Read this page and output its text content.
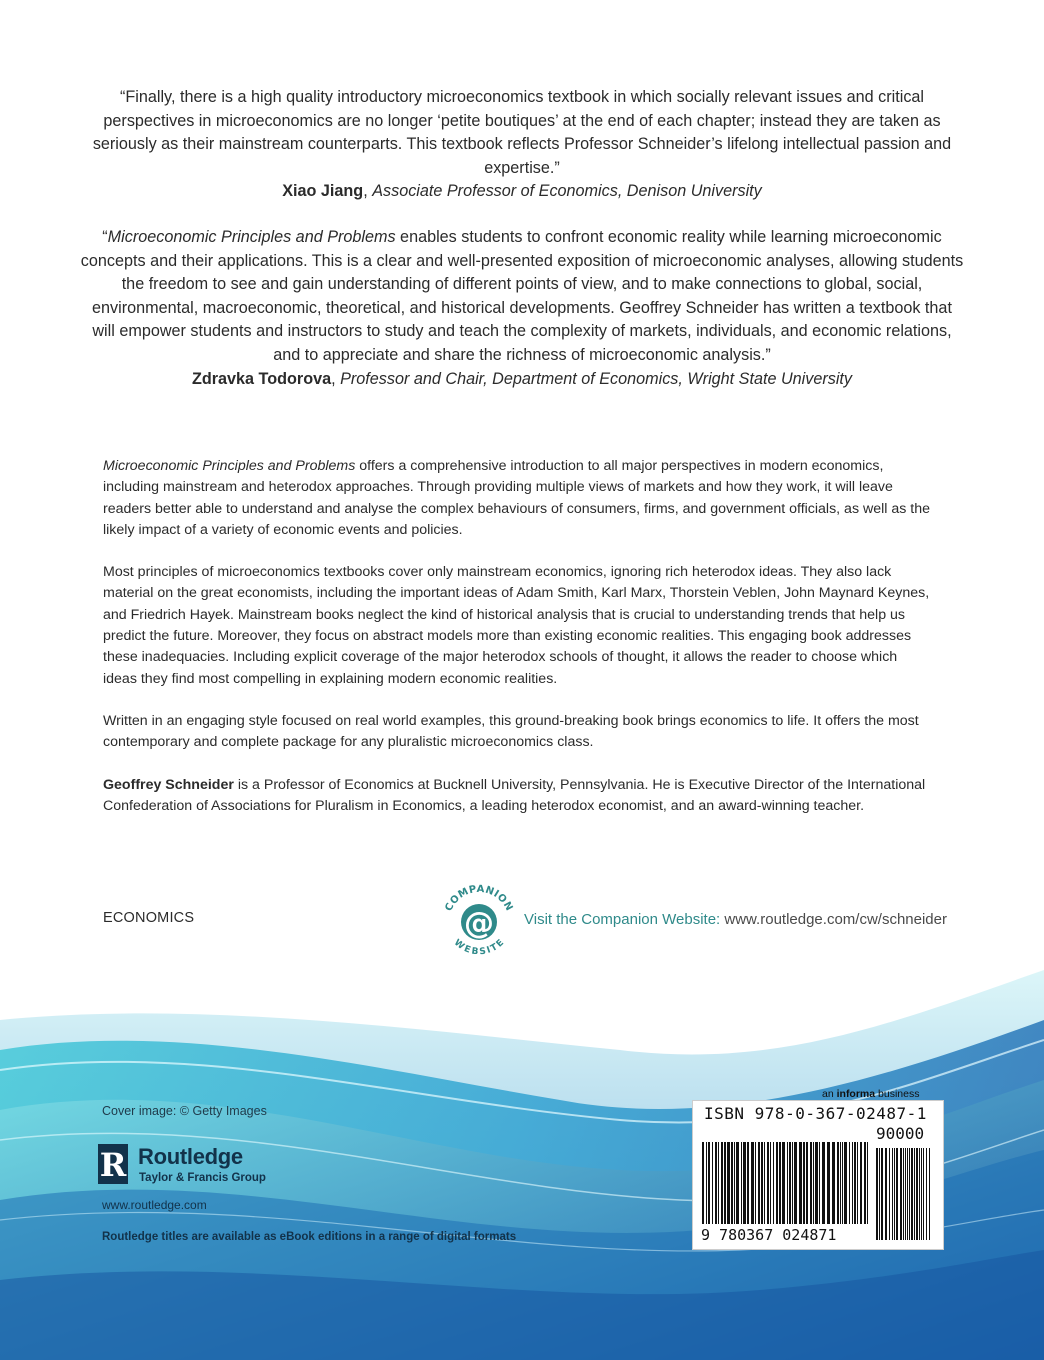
“Finally, there is a high quality introductory microeconomics textbook in which socially relevant issues and critical perspectives in microeconomics are no longer ‘petite boutiques’ at the end of each chapter; instead they are taken as seriously as their mainstream counterparts. This textbook reflects Professor Schneider’s lifelong intellectual passion and expertise.”

Xiao Jiang, Associate Professor of Economics, Denison University

“Microeconomic Principles and Problems enables students to confront economic reality while learning microeconomic concepts and their applications. This is a clear and well-presented exposition of microeconomic analyses, allowing students the freedom to see and gain understanding of different points of view, and to make connections to global, social, environmental, macroeconomic, theoretical, and historical developments. Geoffrey Schneider has written a textbook that will empower students and instructors to study and teach the complexity of markets, individuals, and economic relations, and to appreciate and share the richness of microeconomic analysis.”

Zdravka Todorova, Professor and Chair, Department of Economics, Wright State University

Microeconomic Principles and Problems offers a comprehensive introduction to all major perspectives in modern economics, including mainstream and heterodox approaches. Through providing multiple views of markets and how they work, it will leave readers better able to understand and analyse the complex behaviours of consumers, firms, and government officials, as well as the likely impact of a variety of economic events and policies.

Most principles of microeconomics textbooks cover only mainstream economics, ignoring rich heterodox ideas. They also lack material on the great economists, including the important ideas of Adam Smith, Karl Marx, Thorstein Veblen, John Maynard Keynes, and Friedrich Hayek. Mainstream books neglect the kind of historical analysis that is crucial to understanding trends that help us predict the future. Moreover, they focus on abstract models more than existing economic realities. This engaging book addresses these inadequacies. Including explicit coverage of the major heterodox schools of thought, it allows the reader to choose which ideas they find most compelling in explaining modern economic realities.

Written in an engaging style focused on real world examples, this ground-breaking book brings economics to life. It offers the most contemporary and complete package for any pluralistic microeconomics class.

Geoffrey Schneider is a Professor of Economics at Bucknell University, Pennsylvania. He is Executive Director of the International Confederation of Associations for Pluralism in Economics, a leading heterodox economist, and an award-winning teacher.

ECONOMICS	@
COMPANION
WEBSITE
Visit the Companion Website: www.routledge.com/cw/schneider
Cover image: © Getty Images
R Routledge
Taylor & Francis Group
www.routledge.com
Routledge titles are available as eBook editions in a range of digital formats
an informa business
ISBN 978-0-367-02487-1
90000
9 780367 024871
